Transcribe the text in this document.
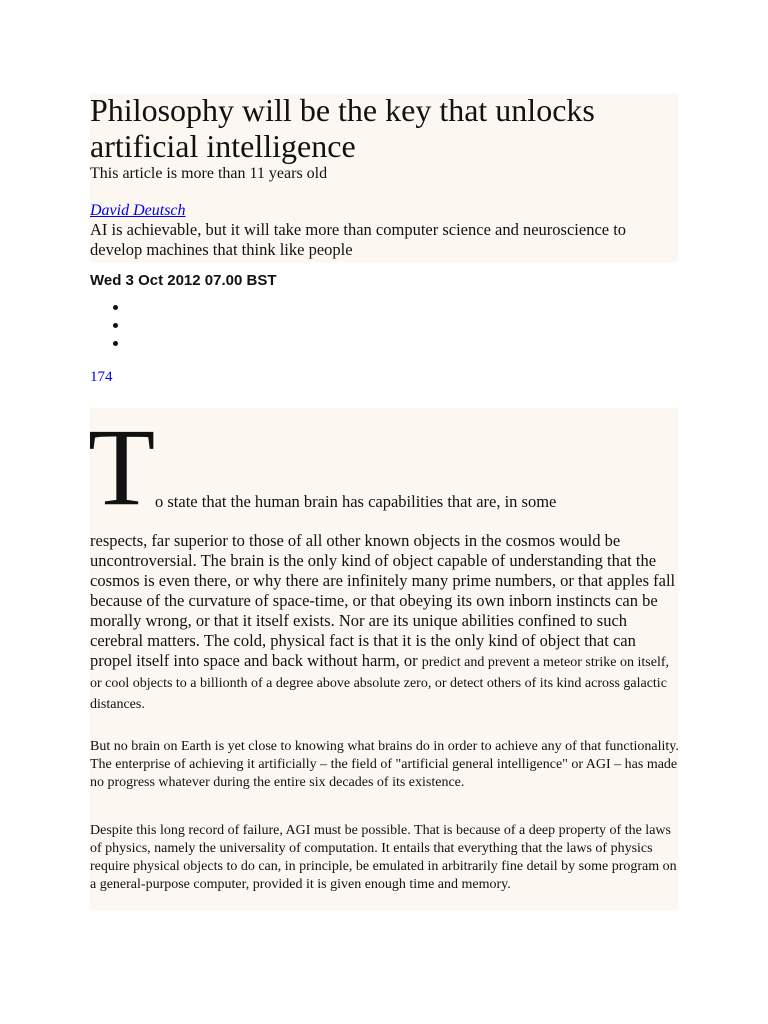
Philosophy will be the key that unlocks artificial intelligence
This article is more than 11 years old
David Deutsch
AI is achievable, but it will take more than computer science and neuroscience to develop machines that think like people
Wed 3 Oct 2012 07.00 BST
174
T o state that the human brain has capabilities that are, in some
respects, far superior to those of all other known objects in the cosmos would be uncontroversial. The brain is the only kind of object capable of understanding that the cosmos is even there, or why there are infinitely many prime numbers, or that apples fall because of the curvature of space-time, or that obeying its own inborn instincts can be morally wrong, or that it itself exists. Nor are its unique abilities confined to such cerebral matters. The cold, physical fact is that it is the only kind of object that can propel itself into space and back without harm, or predict and prevent a meteor strike on itself, or cool objects to a billionth of a degree above absolute zero, or detect others of its kind across galactic distances.
But no brain on Earth is yet close to knowing what brains do in order to achieve any of that functionality. The enterprise of achieving it artificially – the field of "artificial general intelligence" or AGI – has made no progress whatever during the entire six decades of its existence.
Despite this long record of failure, AGI must be possible. That is because of a deep property of the laws of physics, namely the universality of computation. It entails that everything that the laws of physics require physical objects to do can, in principle, be emulated in arbitrarily fine detail by some program on a general-purpose computer, provided it is given enough time and memory.
